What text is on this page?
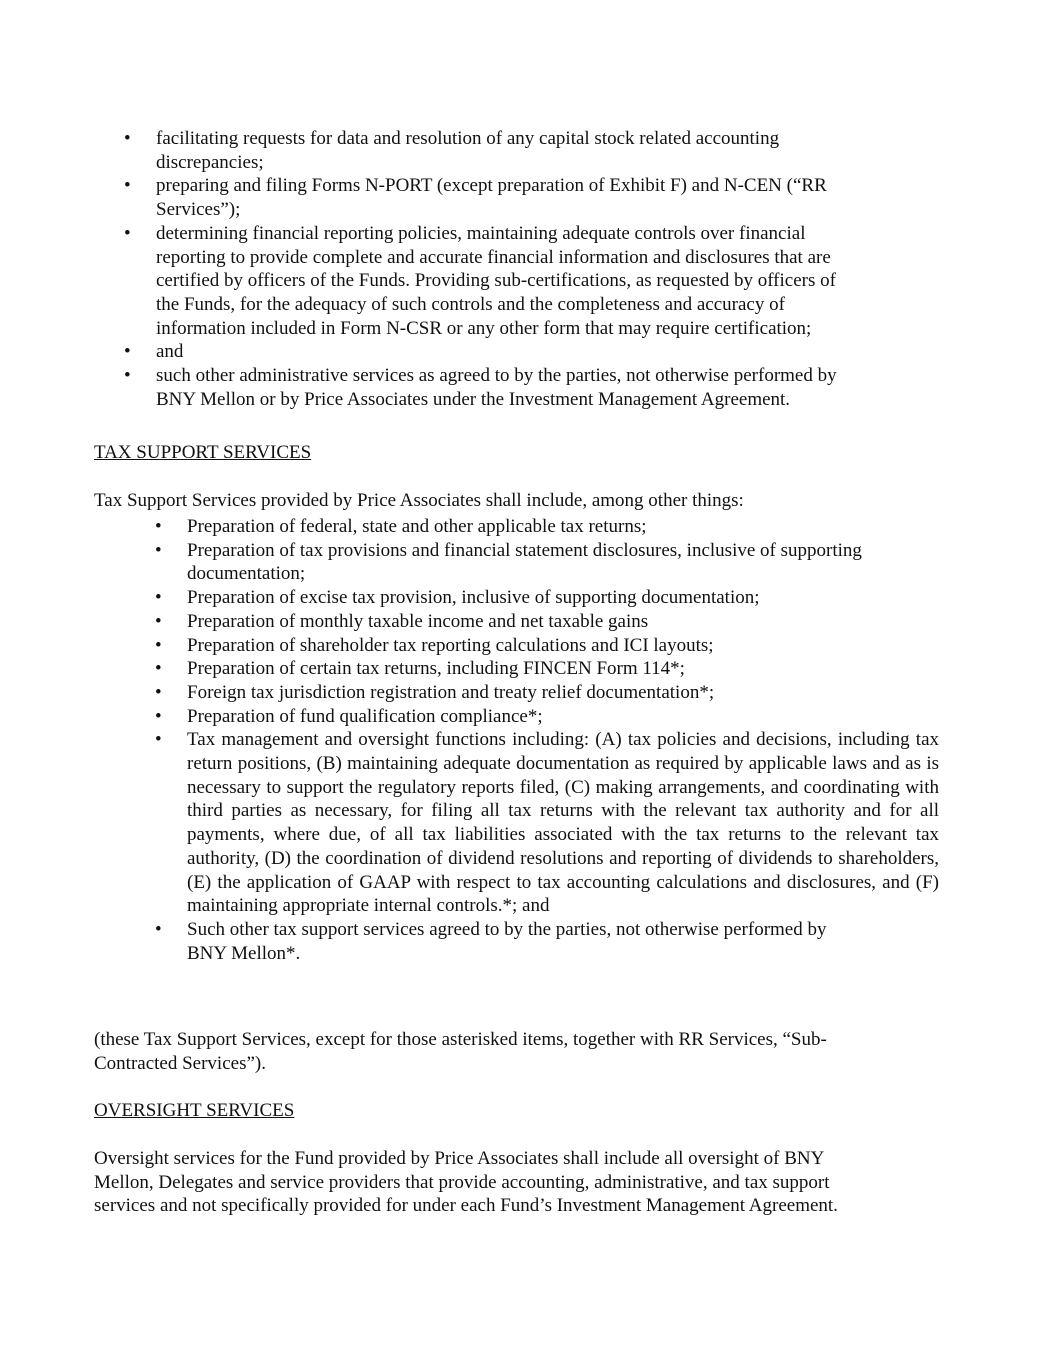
• facilitating requests for data and resolution of any capital stock related accounting
discrepancies;
• preparing and filing Forms N-PORT (except preparation of Exhibit F) and N-CEN (“RR
Services”);
• determining financial reporting policies, maintaining adequate controls over financial
reporting to provide complete and accurate financial information and disclosures that are
certified by officers of the Funds. Providing sub-certifications, as requested by officers of
the Funds, for the adequacy of such controls and the completeness and accuracy of
information included in Form N-CSR or any other form that may require certification;
• and
• such other administrative services as agreed to by the parties, not otherwise performed by
BNY Mellon or by Price Associates under the Investment Management Agreement.
TAX SUPPORT SERVICES
Tax Support Services provided by Price Associates shall include, among other things:
• Preparation of federal, state and other applicable tax returns;
• Preparation of tax provisions and financial statement disclosures, inclusive of supporting
documentation;
• Preparation of excise tax provision, inclusive of supporting documentation;
• Preparation of monthly taxable income and net taxable gains
• Preparation of shareholder tax reporting calculations and ICI layouts;
• Preparation of certain tax returns, including FINCEN Form 114*;
• Foreign tax jurisdiction registration and treaty relief documentation*;
• Preparation of fund qualification compliance*;
• Tax management and oversight functions including: (A) tax policies and decisions, including tax return positions, (B) maintaining adequate documentation as required by applicable laws and as is necessary to support the regulatory reports filed, (C) making arrangements, and coordinating with third parties as necessary, for filing all tax returns with the relevant tax authority and for all payments, where due, of all tax liabilities associated with the tax returns to the relevant tax authority, (D) the coordination of dividend resolutions and reporting of dividends to shareholders, (E) the application of GAAP with respect to tax accounting calculations and disclosures, and (F) maintaining appropriate internal controls.*; and
• Such other tax support services agreed to by the parties, not otherwise performed by
BNY Mellon*.
(these Tax Support Services, except for those asterisked items, together with RR Services, “Sub-
Contracted Services”).
OVERSIGHT SERVICES
Oversight services for the Fund provided by Price Associates shall include all oversight of BNY
Mellon, Delegates and service providers that provide accounting, administrative, and tax support
services and not specifically provided for under each Fund’s Investment Management Agreement.
